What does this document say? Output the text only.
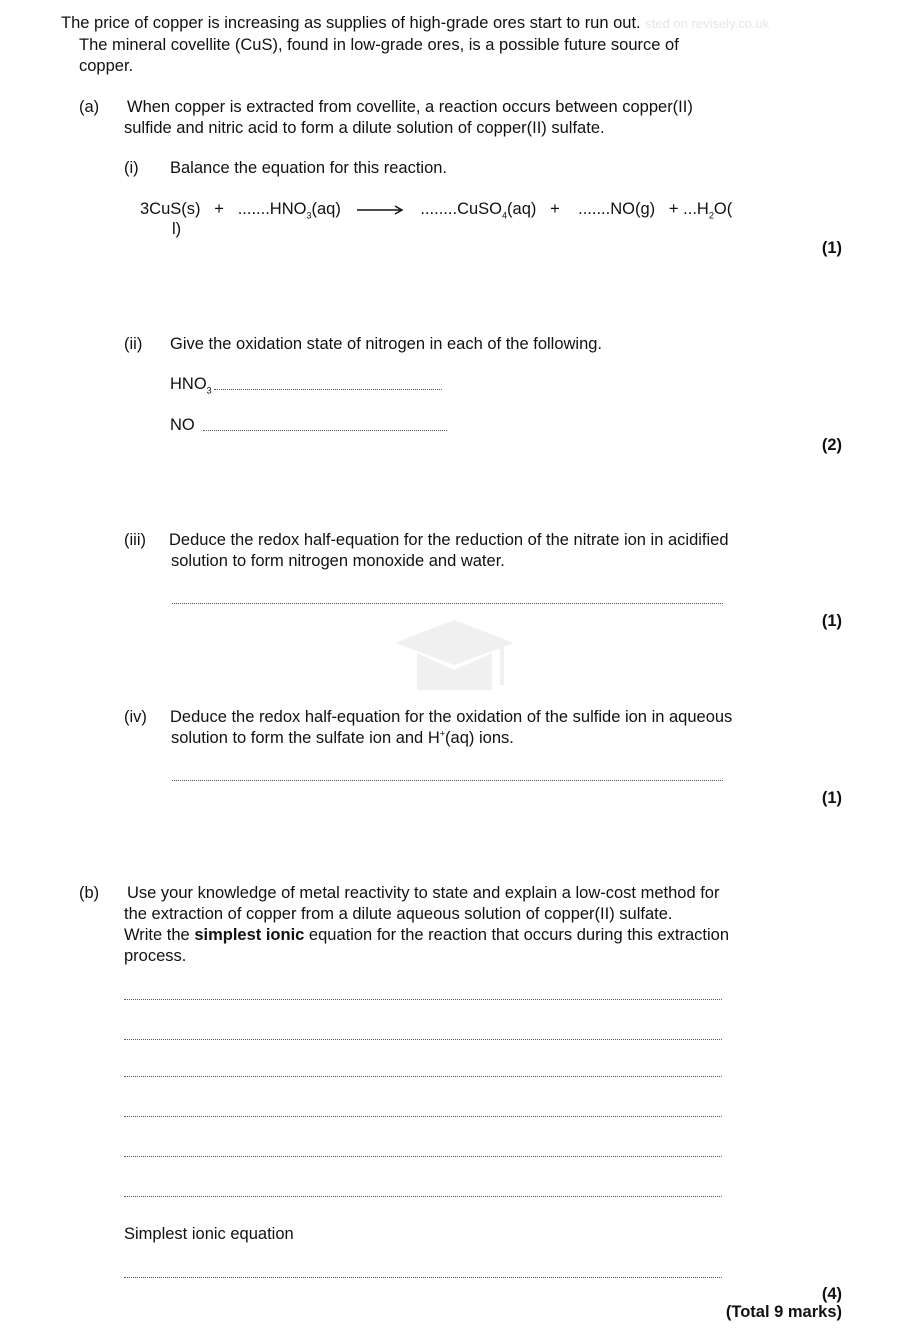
The price of copper is increasing as supplies of high-grade ores start to run out. sted on revisely.co.uk
The mineral covellite (CuS), found in low-grade ores, is a possible future source of
copper.
(a) When copper is extracted from covellite, a reaction occurs between copper(II)
sulfide and nitric acid to form a dilute solution of copper(II) sulfate.
(i) Balance the equation for this reaction.
$3CuS(s) + .......HNO_3(aq)$	........CuSO$_4$(aq) + $.......NO(g) + ...H_2O$(
l)
(1)
(ii) Give the oxidation state of nitrogen in each of the following.
$HNO_3$
NO
(2)
(iii) Deduce the redox half-equation for the reduction of the nitrate ion in acidified
solution to form nitrogen monoxide and water.
(1)
(iv) Deduce the redox half-equation for the oxidation of the sulfide ion in aqueous
solution to form the sulfate ion and H+(aq) ions.
(1)
(b) Use your knowledge of metal reactivity to state and explain a low-cost method for
the extraction of copper from a dilute aqueous solution of copper(II) sulfate.
Write the simplest ionic equation for the reaction that occurs during this extraction
process.
Simplest ionic equation
(4)
(Total 9 marks)
